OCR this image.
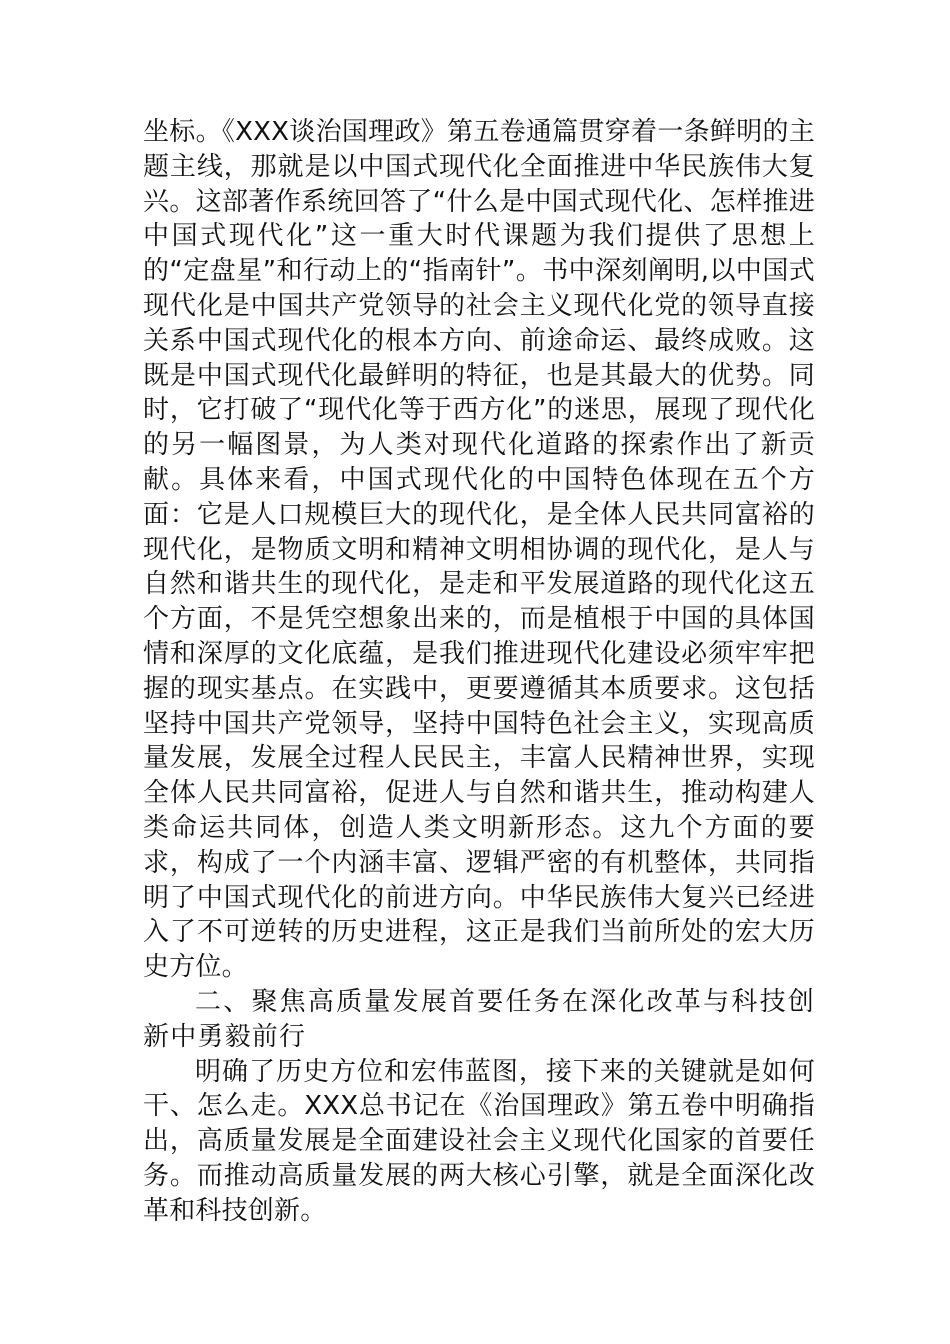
坐标。《XXX谈治国理政》第五卷通篇贯穿着一条鲜明的主题主线，那就是以中国式现代化全面推进中华民族伟大复兴。这部著作系统回答了“什么是中国式现代化、怎样推进中国式现代化”这一重大时代课题为我们提供了思想上的“定盘星”和行动上的“指南针”。书中深刻阐明,以中国式现代化是中国共产党领导的社会主义现代化党的领导直接关系中国式现代化的根本方向、前途命运、最终成败。这既是中国式现代化最鲜明的特征，也是其最大的优势。同时，它打破了“现代化等于西方化”的迷思，展现了现代化的另一幅图景，为人类对现代化道路的探索作出了新贡献。具体来看，中国式现代化的中国特色体现在五个方面：它是人口规模巨大的现代化，是全体人民共同富裕的现代化，是物质文明和精神文明相协调的现代化，是人与自然和谐共生的现代化，是走和平发展道路的现代化这五个方面，不是凭空想象出来的，而是植根于中国的具体国情和深厚的文化底蕴，是我们推进现代化建设必须牢牢把握的现实基点。在实践中，更要遵循其本质要求。这包括坚持中国共产党领导，坚持中国特色社会主义，实现高质量发展，发展全过程人民民主，丰富人民精神世界，实现全体人民共同富裕，促进人与自然和谐共生，推动构建人类命运共同体，创造人类文明新形态。这九个方面的要求，构成了一个内涵丰富、逻辑严密的有机整体，共同指明了中国式现代化的前进方向。中华民族伟大复兴已经进入了不可逆转的历史进程，这正是我们当前所处的宏大历史方位。

二、聚焦高质量发展首要任务在深化改革与科技创新中勇毅前行

明确了历史方位和宏伟蓝图，接下来的关键就是如何干、怎么走。XXX总书记在《治国理政》第五卷中明确指出，高质量发展是全面建设社会主义现代化国家的首要任务。而推动高质量发展的两大核心引擎，就是全面深化改革和科技创新。
